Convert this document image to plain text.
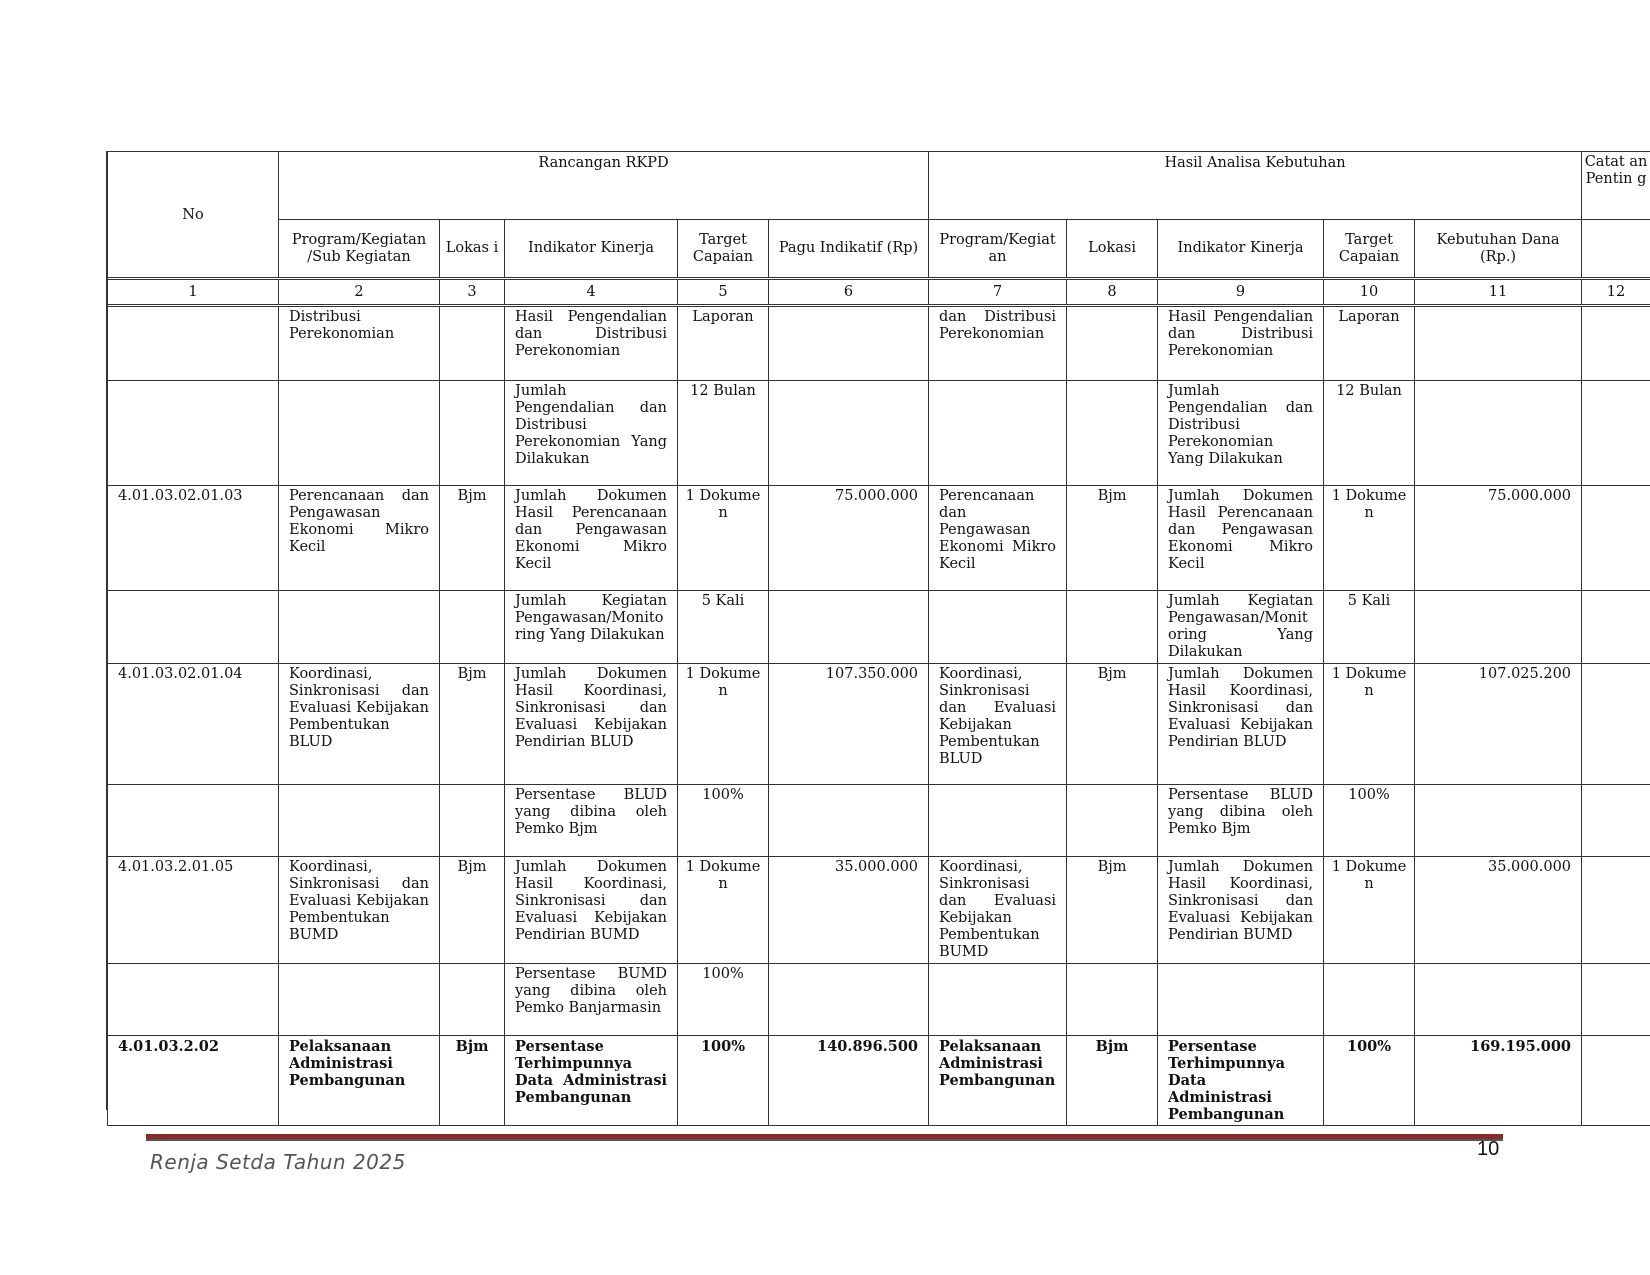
No	Rancangan RKPD					Hasil Analisa Kebutuhan					Catat an Pentin g
	Program/Kegiatan /Sub Kegiatan	Lokas i	Indikator Kinerja	Target Capaian	Pagu Indikatif (Rp)	Program/Kegiat an	Lokasi	Indikator Kinerja	Target Capaian	Kebutuhan Dana (Rp.)	
1	2	3	4	5	6	7	8	9	10	11	12
	Distribusi Perekonomian		Hasil Pengendalian dan Distribusi Perekonomian	Laporan		dan Distribusi Perekonomian		Hasil Pengendalian dan Distribusi Perekonomian	Laporan		
			Jumlah Pengendalian dan Distribusi Perekonomian Yang Dilakukan	12 Bulan				Jumlah Pengendalian dan Distribusi Perekonomian Yang Dilakukan	12 Bulan		
4.01.03.02.01.03	Perencanaan dan Pengawasan Ekonomi Mikro Kecil	Bjm	Jumlah Dokumen Hasil Perencanaan dan Pengawasan Ekonomi Mikro Kecil	1 Dokume n	75.000.000	Perencanaan dan Pengawasan Ekonomi Mikro Kecil	Bjm	Jumlah Dokumen Hasil Perencanaan dan Pengawasan Ekonomi Mikro Kecil	1 Dokume n	75.000.000	
			Jumlah Kegiatan Pengawasan/Monito ring Yang Dilakukan	5 Kali				Jumlah Kegiatan Pengawasan/Monit oring Yang Dilakukan	5 Kali		
4.01.03.02.01.04	Koordinasi, Sinkronisasi dan Evaluasi Kebijakan Pembentukan BLUD	Bjm	Jumlah Dokumen Hasil Koordinasi, Sinkronisasi dan Evaluasi Kebijakan Pendirian BLUD	1 Dokume n	107.350.000	Koordinasi, Sinkronisasi dan Evaluasi Kebijakan Pembentukan BLUD	Bjm	Jumlah Dokumen Hasil Koordinasi, Sinkronisasi dan Evaluasi Kebijakan Pendirian BLUD	1 Dokume n	107.025.200	
			Persentase BLUD yang dibina oleh Pemko Bjm	100%				Persentase BLUD yang dibina oleh Pemko Bjm	100%		
4.01.03.2.01.05	Koordinasi, Sinkronisasi dan Evaluasi Kebijakan Pembentukan BUMD	Bjm	Jumlah Dokumen Hasil Koordinasi, Sinkronisasi dan Evaluasi Kebijakan Pendirian BUMD	1 Dokume n	35.000.000	Koordinasi, Sinkronisasi dan Evaluasi Kebijakan Pembentukan BUMD	Bjm	Jumlah Dokumen Hasil Koordinasi, Sinkronisasi dan Evaluasi Kebijakan Pendirian BUMD	1 Dokume n	35.000.000	
			Persentase BUMD yang dibina oleh Pemko Banjarmasin	100%							
4.01.03.2.02	Pelaksanaan Administrasi Pembangunan	Bjm	Persentase Terhimpunnya Data Administrasi Pembangunan	100%	140.896.500	Pelaksanaan Administrasi Pembangunan	Bjm	Persentase Terhimpunnya Data Administrasi Pembangunan	100%	169.195.000	
Renja Setda Tahun 2025
10
